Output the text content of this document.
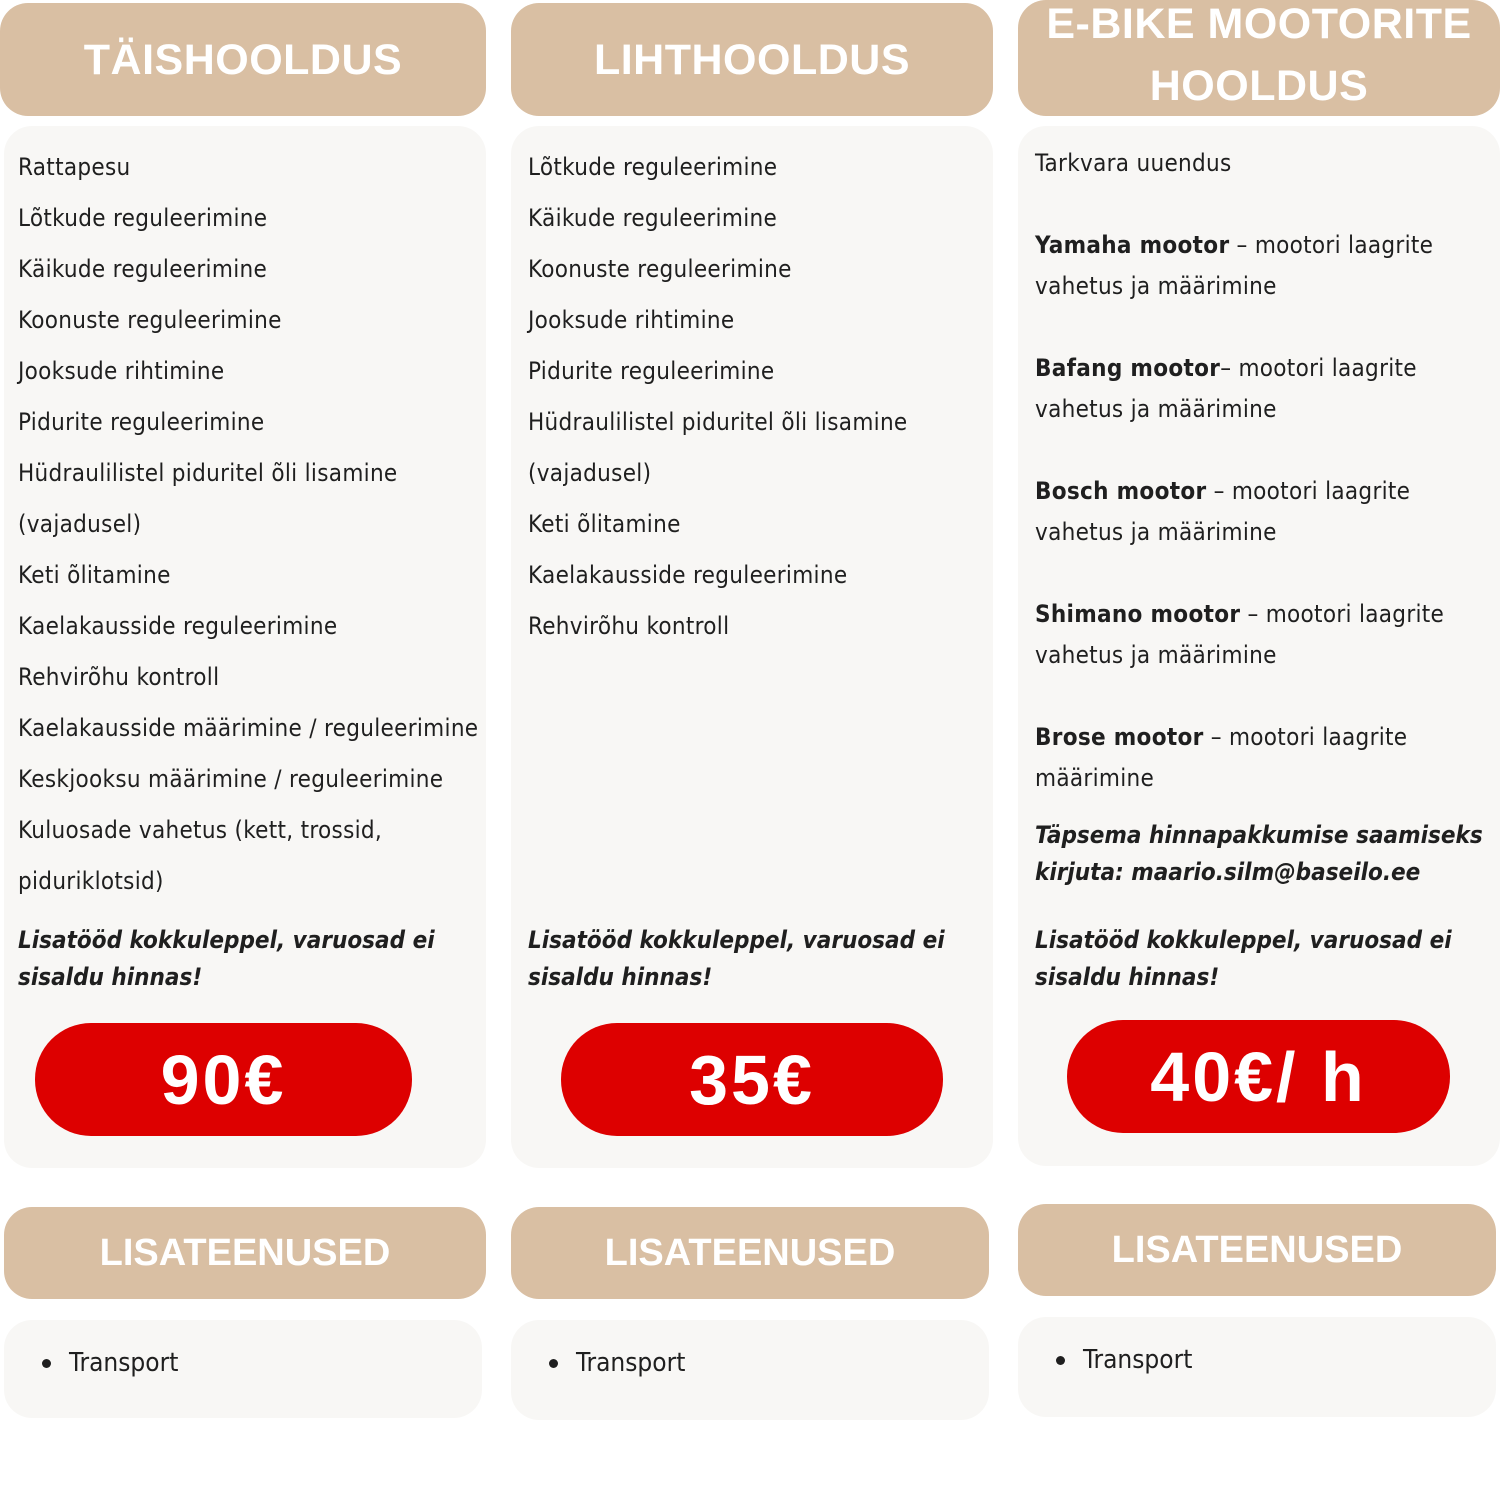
TÄISHOOLDUS
Rattapesu
Lõtkude reguleerimine
Käikude reguleerimine
Koonuste reguleerimine
Jooksude rihtimine
Pidurite reguleerimine
Hüdraulilistel piduritel õli lisamine
(vajadusel)
Keti õlitamine
Kaelakausside reguleerimine
Rehvirõhu kontroll
Kaelakausside määrimine / reguleerimine
Keskjooksu määrimine / reguleerimine
Kuluosade vahetus (kett, trossid,
piduriklotsid)
Lisatööd kokkuleppel, varuosad ei
sisaldu hinnas!
90€
LISATEENUSED
Transport
LIHTHOOLDUS
Lõtkude reguleerimine
Käikude reguleerimine
Koonuste reguleerimine
Jooksude rihtimine
Pidurite reguleerimine
Hüdraulilistel piduritel õli lisamine
(vajadusel)
Keti õlitamine
Kaelakausside reguleerimine
Rehvirõhu kontroll
Lisatööd kokkuleppel, varuosad ei
sisaldu hinnas!
35€
LISATEENUSED
Transport
E-BIKE MOOTORITE
HOOLDUS
Tarkvara uuendus
Yamaha mootor – mootori laagrite
vahetus ja määrimine
Bafang mootor– mootori laagrite
vahetus ja määrimine
Bosch mootor – mootori laagrite
vahetus ja määrimine
Shimano mootor – mootori laagrite
vahetus ja määrimine
Brose mootor – mootori laagrite
määrimine
Täpsema hinnapakkumise saamiseks
kirjuta: maario.silm@baseilo.ee
Lisatööd kokkuleppel, varuosad ei
sisaldu hinnas!
40€/ h
LISATEENUSED
Transport
